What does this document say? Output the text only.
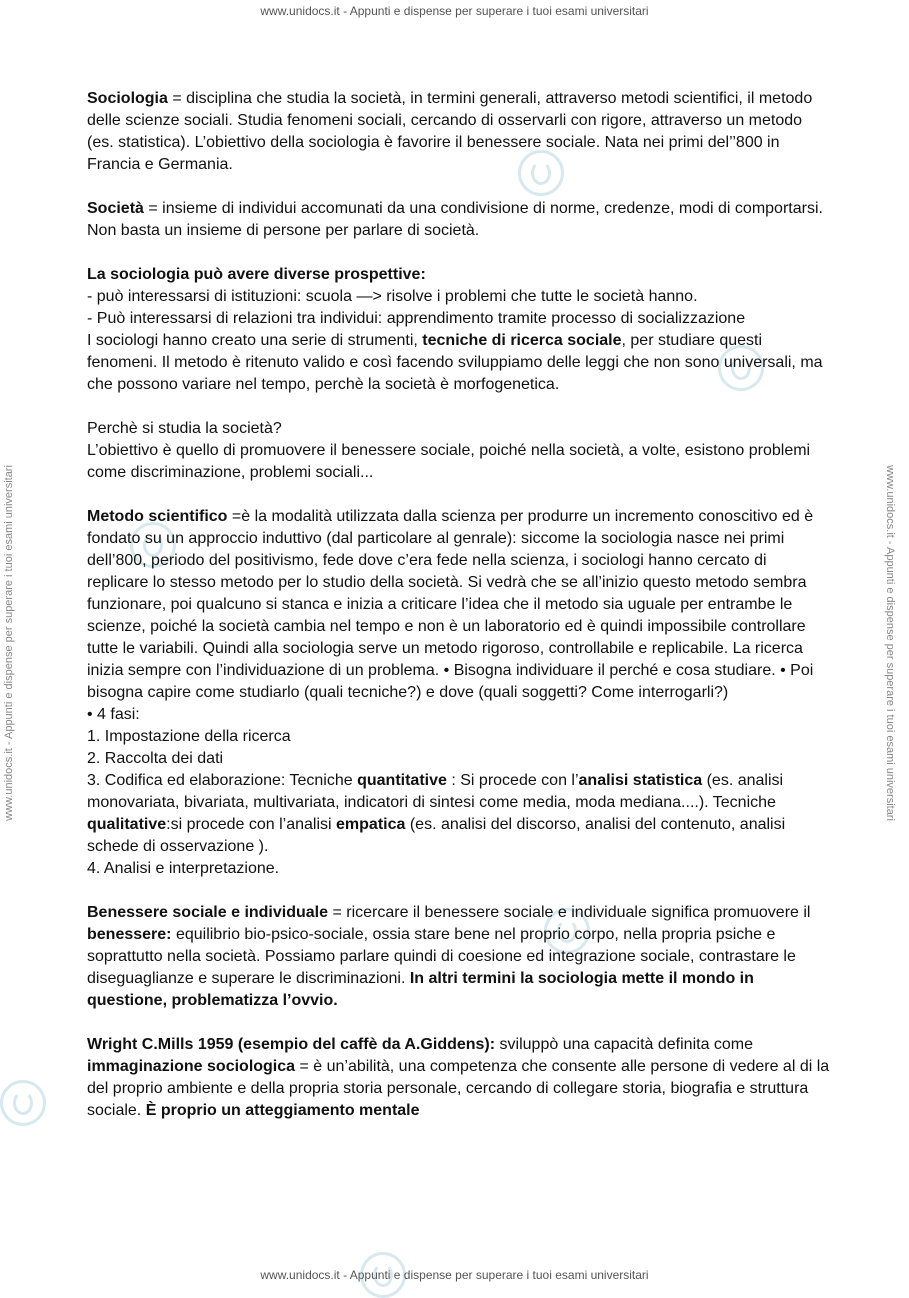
www.unidocs.it - Appunti e dispense per superare i tuoi esami universitari
www.unidocs.it - Appunti e dispense per superare i tuoi esami universitari	www.unidocs.it - Appunti e dispense per superare i tuoi esami universitari

Sociologia = disciplina che studia la società, in termini generali, attraverso metodi scientifici, il metodo delle scienze sociali. Studia fenomeni sociali, cercando di osservarli con rigore, attraverso un metodo (es. statistica). L’obiettivo della sociologia è favorire il benessere sociale. Nata nei primi del’’800 in Francia e Germania.

Società = insieme di individui accomunati da una condivisione di norme, credenze, modi di comportarsi. Non basta un insieme di persone per parlare di società.

La sociologia può avere diverse prospettive:
- può interessarsi di istituzioni: scuola —> risolve i problemi che tutte le società hanno.
- Può interessarsi di relazioni tra individui: apprendimento tramite processo di socializzazione
I sociologi hanno creato una serie di strumenti, tecniche di ricerca sociale, per studiare questi fenomeni. Il metodo è ritenuto valido e così facendo sviluppiamo delle leggi che non sono universali, ma che possono variare nel tempo, perchè la società è morfogenetica.

Perchè si studia la società?
L’obiettivo è quello di promuovere il benessere sociale, poiché nella società, a volte, esistono problemi come discriminazione, problemi sociali...

Metodo scientifico =è la modalità utilizzata dalla scienza per produrre un incremento conoscitivo ed è fondato su un approccio induttivo (dal particolare al genrale): siccome la sociologia nasce nei primi dell’800, periodo del positivismo, fede dove c’era fede nella scienza, i sociologi hanno cercato di replicare lo stesso metodo per lo studio della società. Si vedrà che se all’inizio questo metodo sembra funzionare, poi qualcuno si stanca e inizia a criticare l’idea che il metodo sia uguale per entrambe le scienze, poiché la società cambia nel tempo e non è un laboratorio ed è quindi impossibile controllare tutte le variabili. Quindi alla sociologia serve un metodo rigoroso, controllabile e replicabile. La ricerca inizia sempre con l’individuazione di un problema. • Bisogna individuare il perché e cosa studiare. • Poi bisogna capire come studiarlo (quali tecniche?) e dove (quali soggetti? Come interrogarli?)
• 4 fasi:
1. Impostazione della ricerca
2. Raccolta dei dati
3. Codifica ed elaborazione: Tecniche quantitative : Si procede con l’analisi statistica (es. analisi monovariata, bivariata, multivariata, indicatori di sintesi come media, moda mediana....). Tecniche qualitative:si procede con l’analisi empatica (es. analisi del discorso, analisi del contenuto, analisi schede di osservazione ).
4. Analisi e interpretazione.

Benessere sociale e individuale = ricercare il benessere sociale e individuale significa promuovere il benessere: equilibrio bio-psico-sociale, ossia stare bene nel proprio corpo, nella propria psiche e soprattutto nella società. Possiamo parlare quindi di coesione ed integrazione sociale, contrastare le diseguaglianze e superare le discriminazioni. In altri termini la sociologia mette il mondo in questione, problematizza l’ovvio.

Wright C.Mills 1959 (esempio del caffè da A.Giddens): sviluppò una capacità definita come immaginazione sociologica = è un’abilità, una competenza che consente alle persone di vedere al di la del proprio ambiente e della propria storia personale, cercando di collegare storia, biografia e struttura sociale. È proprio un atteggiamento mentale

www.unidocs.it - Appunti e dispense per superare i tuoi esami universitari
